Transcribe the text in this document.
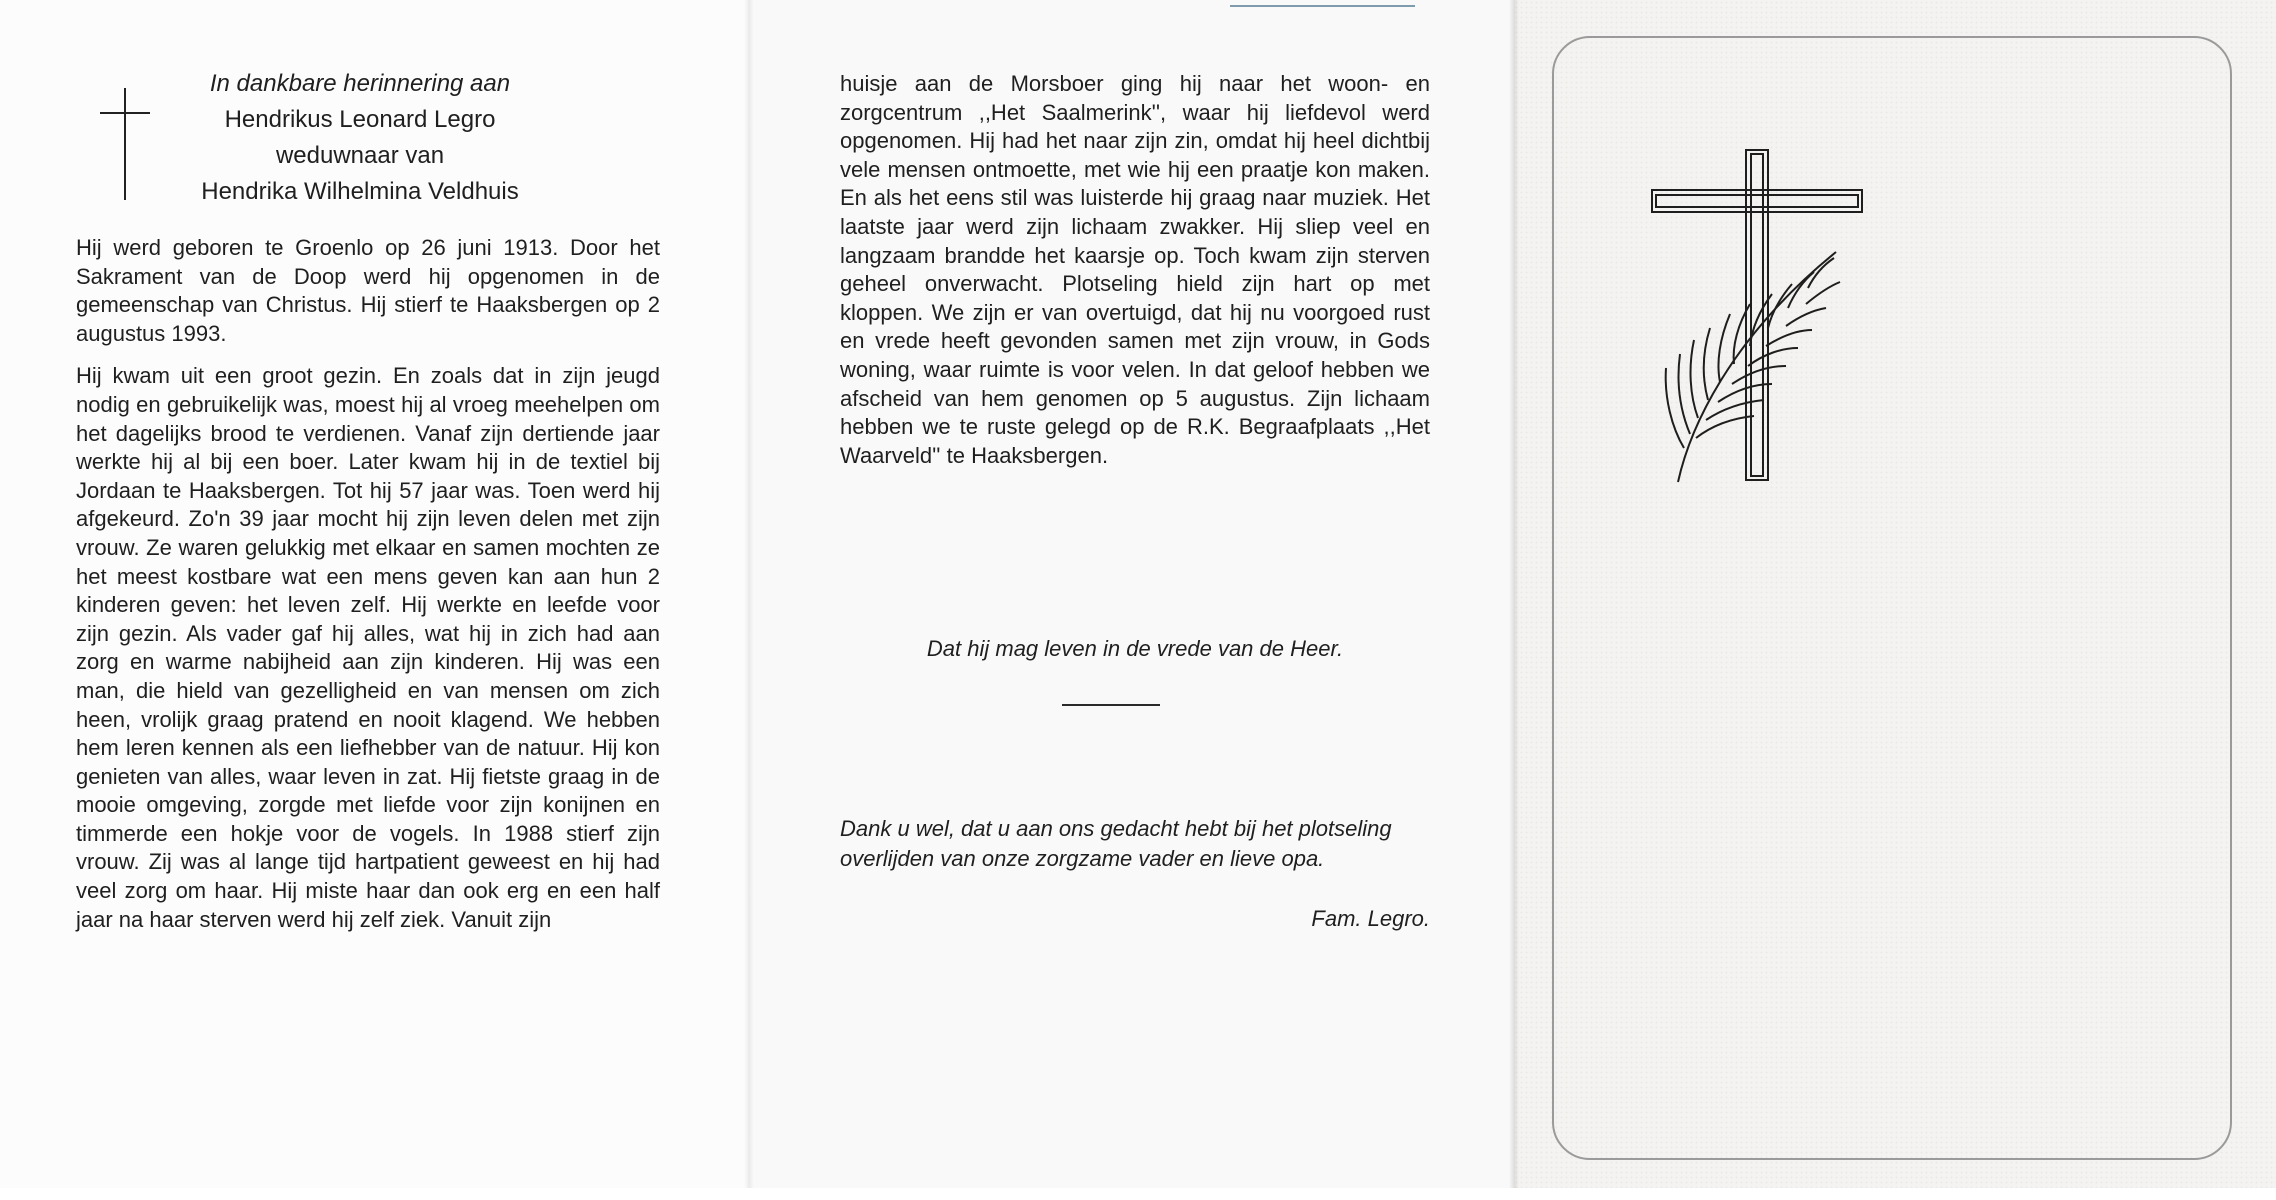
In dankbare herinnering aan
Hendrikus Leonard Legro
weduwnaar van
Hendrika Wilhelmina Veldhuis

Hij werd geboren te Groenlo op 26 juni 1913. Door het Sakrament van de Doop werd hij opgenomen in de gemeenschap van Christus. Hij stierf te Haaksbergen op 2 augustus 1993.

Hij kwam uit een groot gezin. En zoals dat in zijn jeugd nodig en gebruikelijk was, moest hij al vroeg meehelpen om het dagelijks brood te verdienen. Vanaf zijn dertiende jaar werkte hij al bij een boer. Later kwam hij in de textiel bij Jordaan te Haaksbergen. Tot hij 57 jaar was. Toen werd hij afgekeurd. Zo'n 39 jaar mocht hij zijn leven delen met zijn vrouw. Ze waren gelukkig met elkaar en samen mochten ze het meest kostbare wat een mens geven kan aan hun 2 kinderen geven: het leven zelf. Hij werkte en leefde voor zijn gezin. Als vader gaf hij alles, wat hij in zich had aan zorg en warme nabijheid aan zijn kinderen. Hij was een man, die hield van gezelligheid en van mensen om zich heen, vrolijk graag pratend en nooit klagend. We hebben hem leren kennen als een liefhebber van de natuur. Hij kon genieten van alles, waar leven in zat. Hij fietste graag in de mooie omgeving, zorgde met liefde voor zijn konijnen en timmerde een hokje voor de vogels. In 1988 stierf zijn vrouw. Zij was al lange tijd hartpatient geweest en hij had veel zorg om haar. Hij miste haar dan ook erg en een half jaar na haar sterven werd hij zelf ziek. Vanuit zijn

huisje aan de Morsboer ging hij naar het woon- en zorgcentrum ,,Het Saalmerink'', waar hij liefdevol werd opgenomen. Hij had het naar zijn zin, omdat hij heel dichtbij vele mensen ontmoette, met wie hij een praatje kon maken. En als het eens stil was luisterde hij graag naar muziek. Het laatste jaar werd zijn lichaam zwakker. Hij sliep veel en langzaam brandde het kaarsje op. Toch kwam zijn sterven geheel onverwacht. Plotseling hield zijn hart op met kloppen. We zijn er van overtuigd, dat hij nu voorgoed rust en vrede heeft gevonden samen met zijn vrouw, in Gods woning, waar ruimte is voor velen. In dat geloof hebben we afscheid van hem genomen op 5 augustus. Zijn lichaam hebben we te ruste gelegd op de R.K. Begraafplaats ,,Het Waarveld'' te Haaksbergen.

Dat hij mag leven in de vrede van de Heer.
Dank u wel, dat u aan ons gedacht hebt bij het plotseling overlijden van onze zorgzame vader en lieve opa.
Fam. Legro.
